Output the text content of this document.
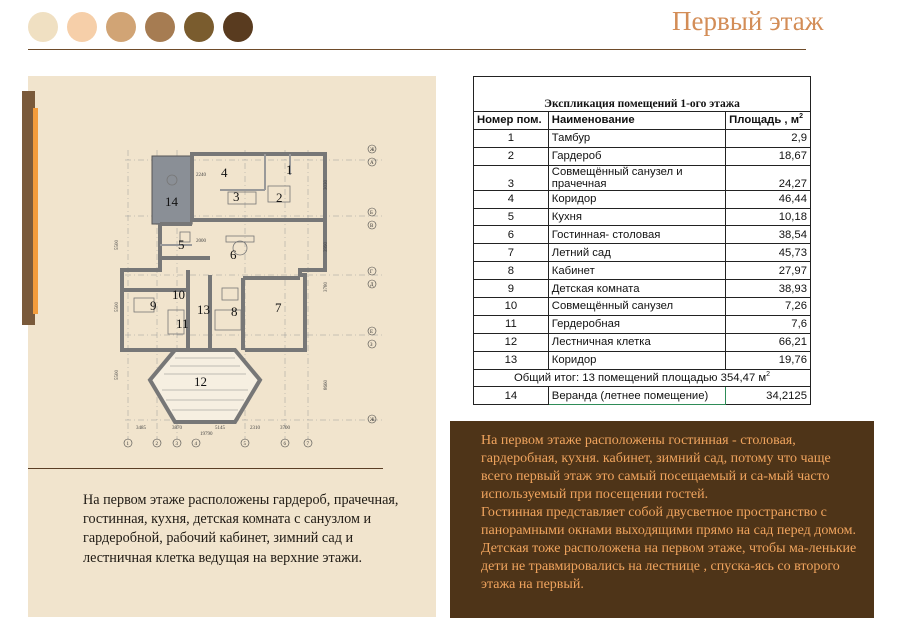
Первый этаж
1
2
3
4
5
6
7
8
9
10
11
12
13
14
2240
2000
Ж
А
Б
В
Г
Д
Е
З
Ж
1	2	3	4	5	6	7
3485	3870	5145	2310	3700
19790
5500
5500
5500
3030
3990
3780
8660
На первом этаже расположены гардероб, прачечная, гостинная, кухня, детская комната с санузлом и гардеробной, рабочий кабинет, зимний сад и лестничная клетка ведущая на верхние этажи.
Экспликация помещений 1-ого этажа		
Номер пом.	Наименование	Площадь , $м^2$
1	Тамбур	2,9
2	Гардероб	18,67
3	Совмещённый санузел и
прачечная	24,27
4	Коридор	46,44
5	Кухня	10,18
6	Гостинная- столовая	38,54
7	Летний сад	45,73
8	Кабинет	27,97
9	Детская комната	38,93
10	Совмещённый санузел	7,26
11	Гердеробная	7,6
12	Лестничная клетка	66,21
13	Коридор	19,76
Общий итог: 13 помещений площадью 354,47 $м^2$
14	Веранда (летнее помещение)	34,2125

На первом этаже расположены гостинная - столовая, гардеробная, кухня. кабинет, зимний сад, потому что чаще всего первый этаж это самый посещаемый и са-мый часто используемый при посещении гостей.

Гостинная представляет собой двусветное пространство с панорамными окнами выходящими прямо на сад перед домом.

Детская тоже расположена на первом этаже, чтобы ма-ленькие дети не травмировались на лестнице , спуска-ясь со второго этажа на первый.
